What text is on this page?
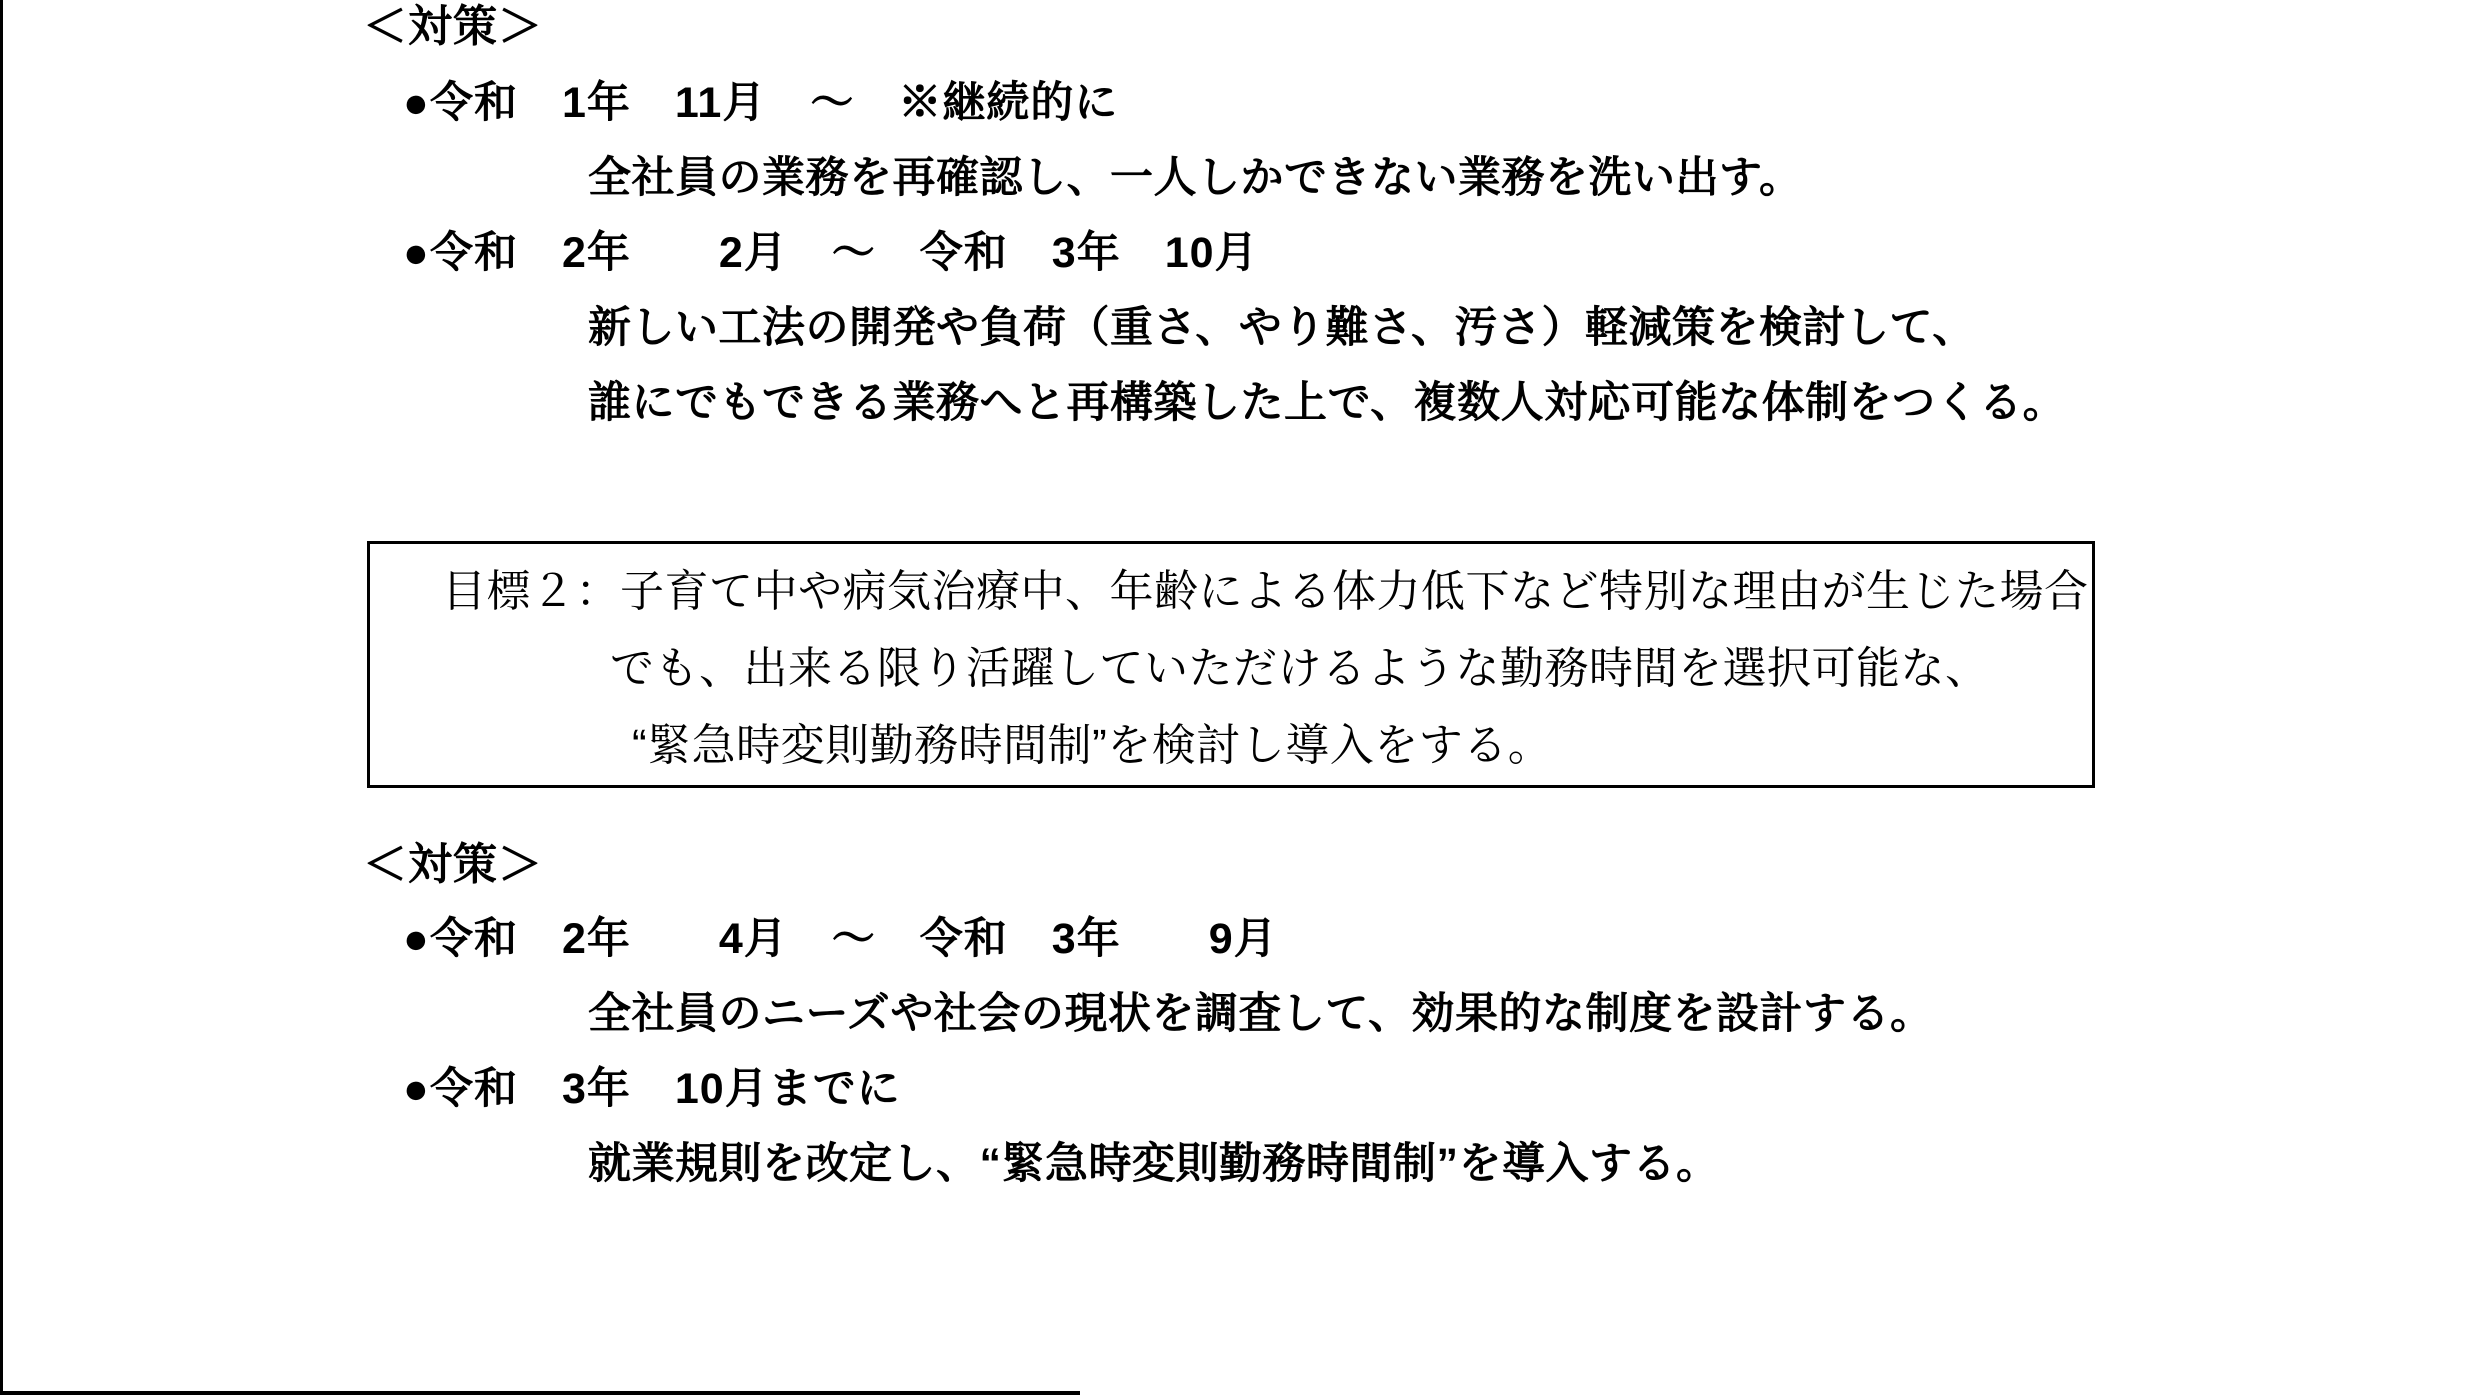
＜対策＞
●令和　1年　11月　～　※継続的に
全社員の業務を再確認し、一人しかできない業務を洗い出す。
●令和　2年　　2月　～　令和　3年　10月
新しい工法の開発や負荷（重さ、やり難さ、汚さ）軽減策を検討して、
誰にでもできる業務へと再構築した上で、複数人対応可能な体制をつくる。
目標２：子育て中や病気治療中、年齢による体力低下など特別な理由が生じた場合
でも、出来る限り活躍していただけるような勤務時間を選択可能な、
“緊急時変則勤務時間制”を検討し導入をする。
＜対策＞
●令和　2年　　4月　～　令和　3年　　9月
全社員のニーズや社会の現状を調査して、効果的な制度を設計する。
●令和　3年　10月までに
就業規則を改定し、“緊急時変則勤務時間制”を導入する。
